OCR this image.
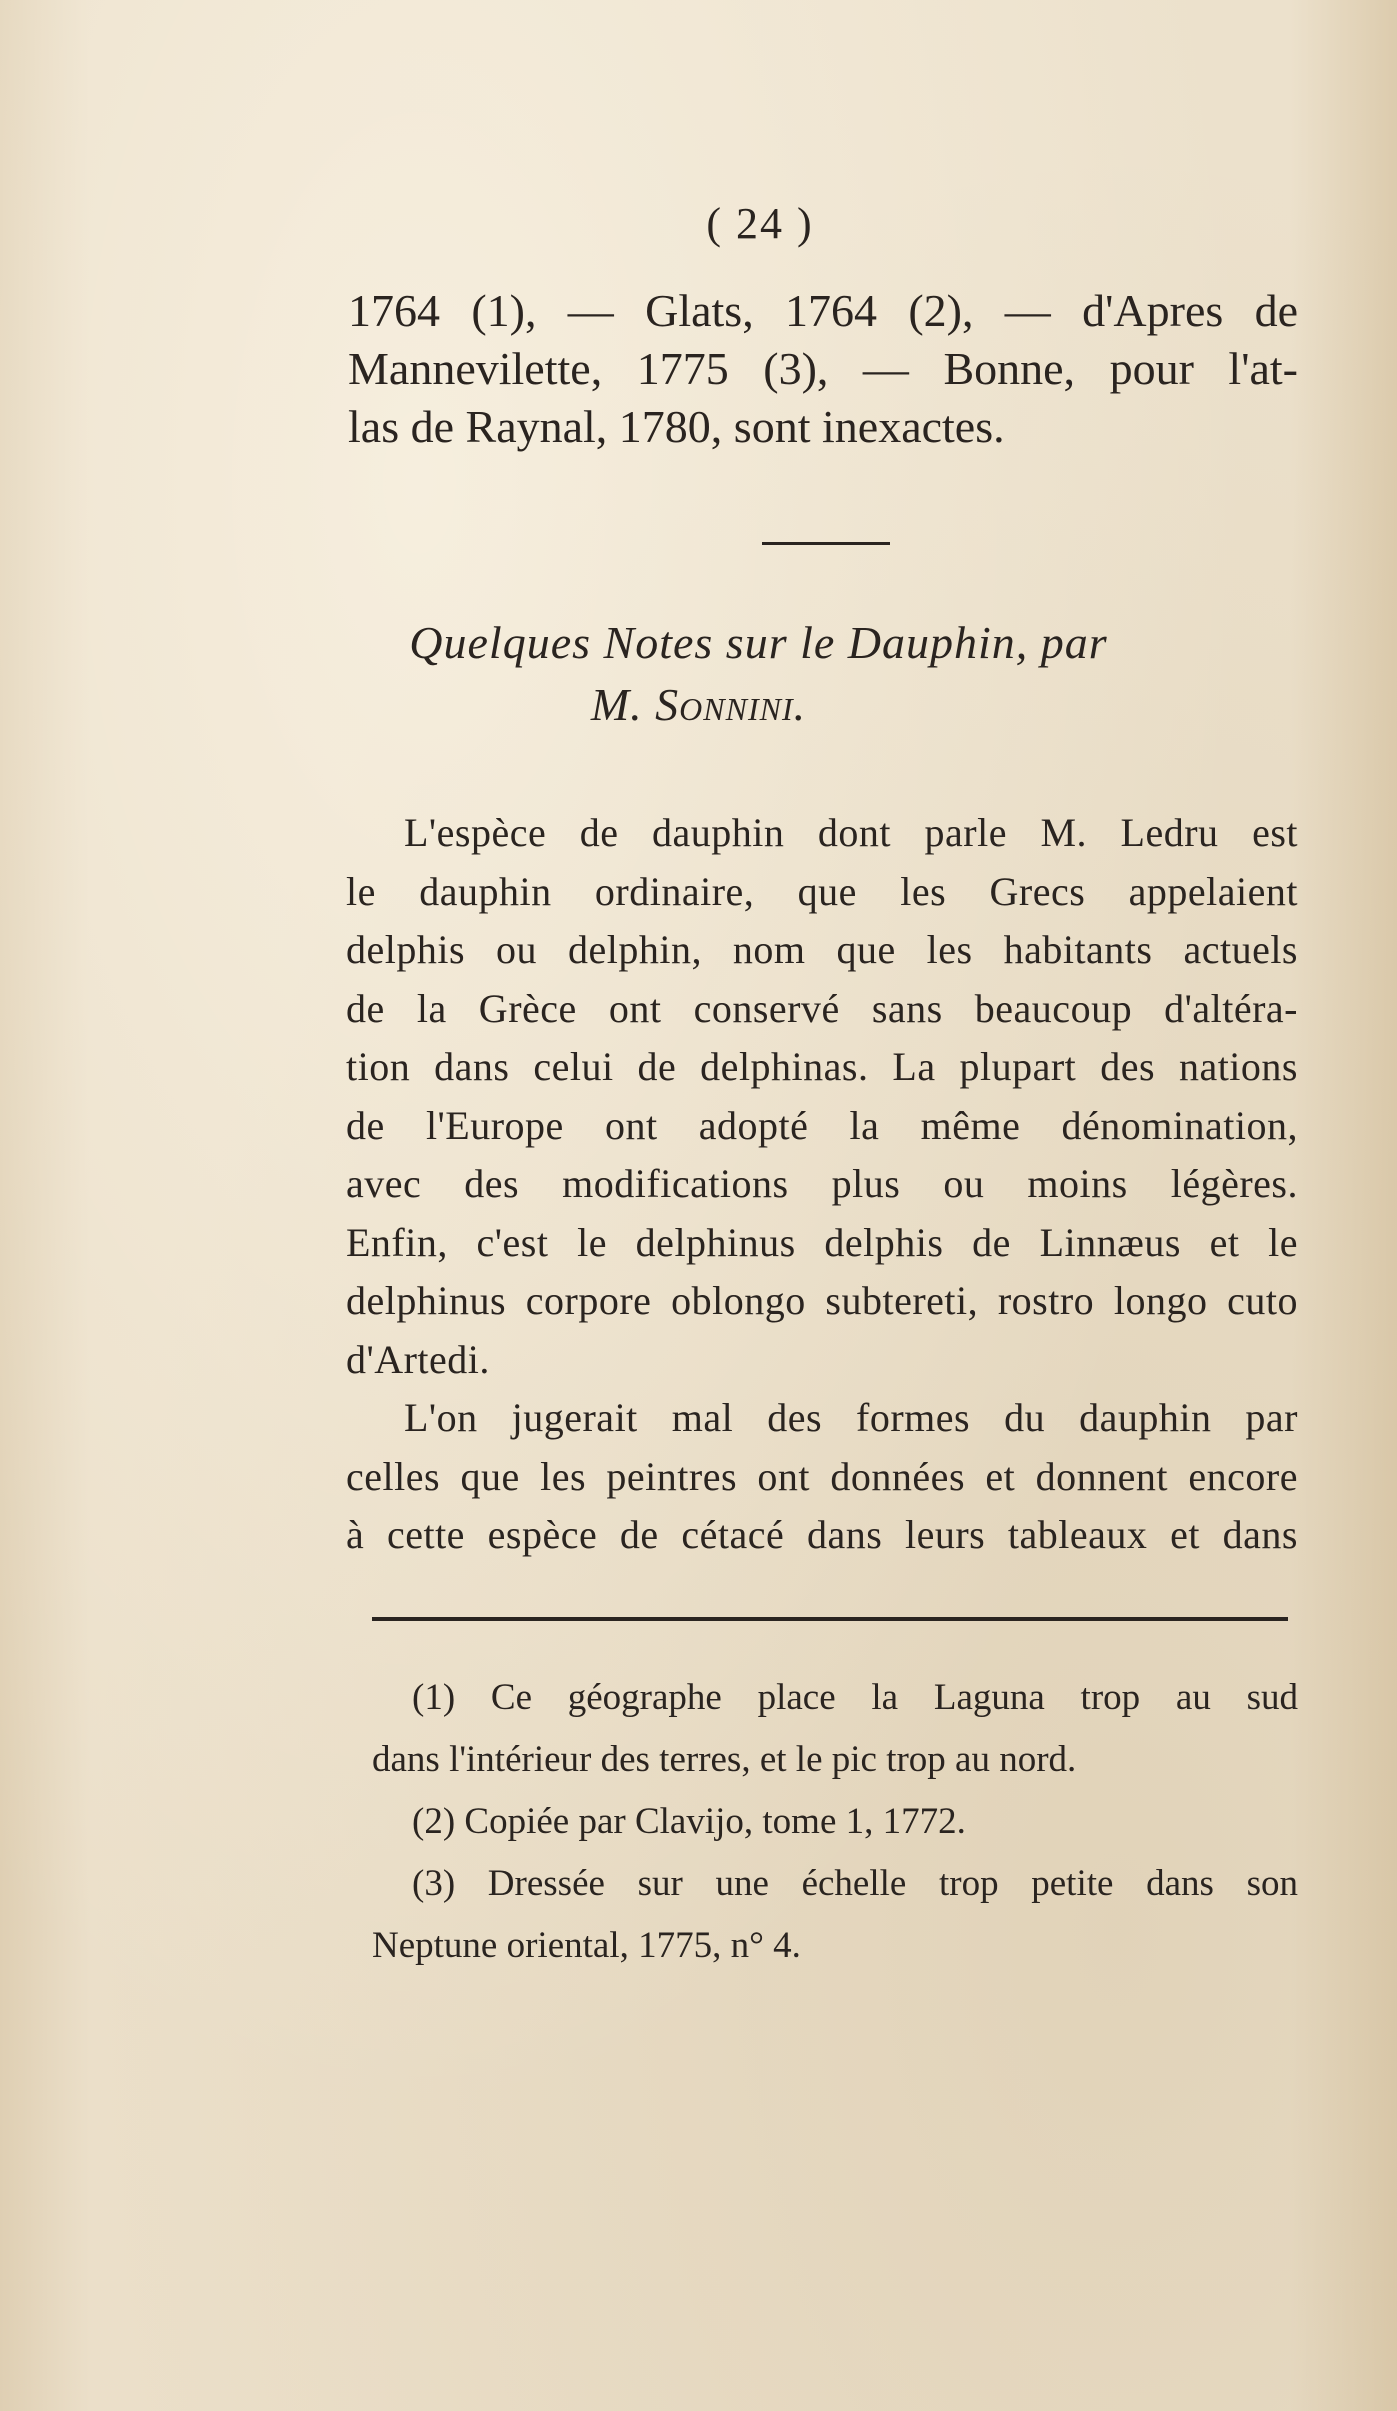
( 24 )
1764 (1), — Glats, 1764 (2), — d'Apres de
Mannevilette, 1775 (3), — Bonne, pour l'at-
las de Raynal, 1780, sont inexactes.
Quelques Notes sur le Dauphin, par
M. Sonnini.
L'espèce de dauphin dont parle M. Ledru est
le dauphin ordinaire, que les Grecs appelaient
delphis ou delphin, nom que les habitants actuels
de la Grèce ont conservé sans beaucoup d'altéra-
tion dans celui de delphinas. La plupart des nations
de l'Europe ont adopté la même dénomination,
avec des modifications plus ou moins légères.
Enfin, c'est le delphinus delphis de Linnæus et le
delphinus corpore oblongo subtereti, rostro longo cuto
d'Artedi.
L'on jugerait mal des formes du dauphin par
celles que les peintres ont données et donnent encore
à cette espèce de cétacé dans leurs tableaux et dans
(1) Ce géographe place la Laguna trop au sud
dans l'intérieur des terres, et le pic trop au nord.
(2) Copiée par Clavijo, tome 1, 1772.
(3) Dressée sur une échelle trop petite dans son
Neptune oriental, 1775, n° 4.
